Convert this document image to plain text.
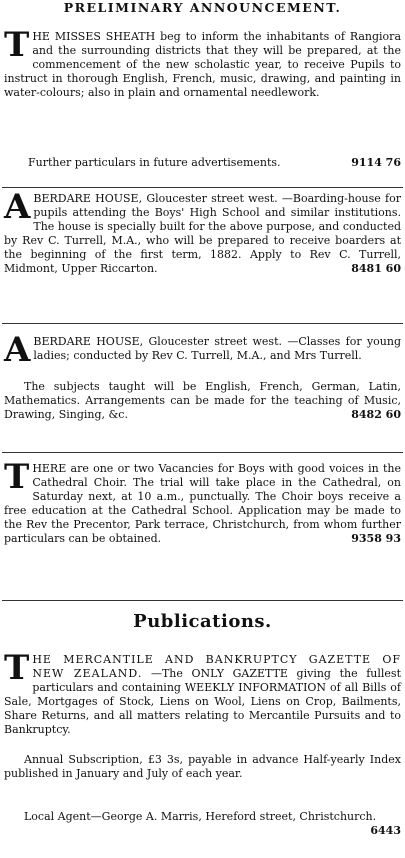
PRELIMINARY ANNOUNCEMENT.
T HE MISSES SHEATH beg to inform the inhabitants of Rangiora and the surrounding districts that they will be prepared, at the commencement of the new scholastic year, to receive Pupils to instruct in thorough English, French, music, drawing, and painting in water-colours; also in plain and ornamental needlework.
Further particulars in future advertisements.	9114 76
A BERDARE HOUSE, Gloucester street west. —Boarding-house for pupils attending the Boys' High School and similar institutions. The house is specially built for the above purpose, and conducted by Rev C. Turrell, M.A., who will be prepared to receive boarders at the beginning of the first term, 1882. Apply to Rev C. Turrell, Midmont, Upper Riccarton.	8481 60
A BERDARE HOUSE, Gloucester street west. —Classes for young ladies; conducted by Rev C. Turrell, M.A., and Mrs Turrell.
The subjects taught will be English, French, German, Latin, Mathematics. Arrangements can be made for the teaching of Music, Drawing, Singing, &c.	8482 60
T HERE are one or two Vacancies for Boys with good voices in the Cathedral Choir. The trial will take place in the Cathedral, on Saturday next, at 10 a.m., punctually. The Choir boys receive a free education at the Cathedral School. Application may be made to the Rev the Precentor, Park terrace, Christchurch, from whom further particulars can be obtained.	9358 93
Publications.
T HE MERCANTILE AND BANKRUPTCY GAZETTE OF NEW ZEALAND. —The ONLY GAZETTE giving the fullest particulars and containing WEEKLY INFORMATION of all Bills of Sale, Mortgages of Stock, Liens on Wool, Liens on Crop, Bailments, Share Returns, and all matters relating to Mercantile Pursuits and to Bankruptcy.
Annual Subscription, £3 3s, payable in advance Half-yearly Index published in January and July of each year.
Local Agent—George A. Marris, Hereford street, Christchurch.
6443
